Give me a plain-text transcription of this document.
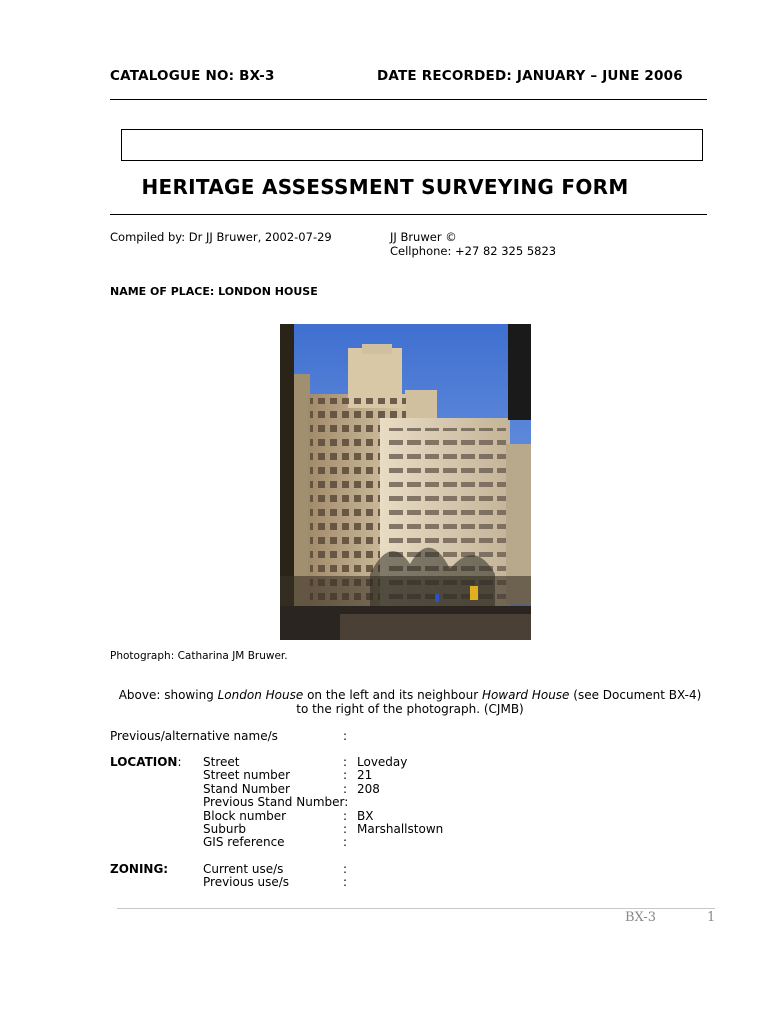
CATALOGUE NO: BX-3	DATE RECORDED: JANUARY – JUNE 2006
HERITAGE ASSESSMENT SURVEYING FORM
Compiled by: Dr JJ Bruwer, 2002-07-29	JJ Bruwer ©
Cellphone: +27 82 325 5823
NAME OF PLACE: LONDON HOUSE
Photograph: Catharina JM Bruwer.
Above: showing London House on the left and its neighbour Howard House (see Document BX-4)
to the right of the photograph. (CJMB)
Previous/alternative name/s	:
LOCATION: Street	: Loveday
Street number	: 21
Stand Number	: 208
Previous Stand Number:
Block number	: BX
Suburb	: Marshallstown
GIS reference	:
ZONING:	Current use/s	:
Previous use/s	:
BX-3	1
